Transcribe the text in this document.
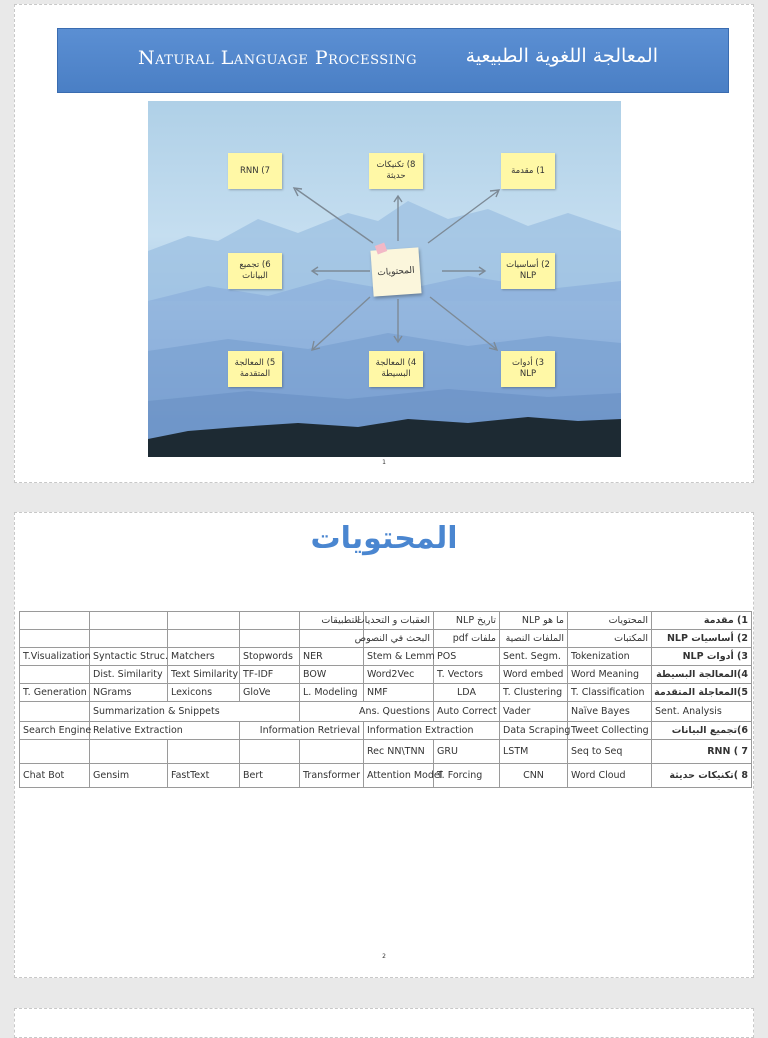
Natural Language Processing	المعالجة اللغوية الطبيعية
RNN (7
8) تكنيكات حديثة
1) مقدمة
6) تجميع البيانات
2) أساسيات NLP
5) المعالجة المتقدمة
4) المعالجة البسيطة
3) أدوات NLP
المحتويات
1
المحتويات
				التطبيقات	العقبات و التحديات	تاريخ NLP	ما هو NLP	المحتويات	1) مقدمة
					البحث في النصوص	ملفات pdf	الملفات النصية	المكتبات	2) أساسيات NLP
T.Visualization	Syntactic Struc.	Matchers	Stopwords	NER	Stem & Lemm	POS	Sent. Segm.	Tokenization	3) أدوات NLP
	Dist. Similarity	Text Similarity	TF-IDF	BOW	Word2Vec	T. Vectors	Word embed	Word Meaning	4)المعالجة البسيطة
T. Generation	NGrams	Lexicons	GloVe	L. Modeling	NMF	LDA	T. Clustering	T. Classification	5)المعاجلة المتقدمة
	Summarization & Snippets			Ans. Questions		Auto Correct	Vader	Naïve Bayes	Sent. Analysis
Search Engine	Relative Extraction		Information Retrieval		Information Extraction		Data Scraping	Tweet Collecting	6)تجميع البيانات
					Rec NN\TNN	GRU	LSTM	Seq to Seq	RNN ( 7
Chat Bot	Gensim	FastText	Bert	Transformer	Attention Model	T. Forcing	CNN	Word Cloud	8 )تكنيكات حديثة
2
